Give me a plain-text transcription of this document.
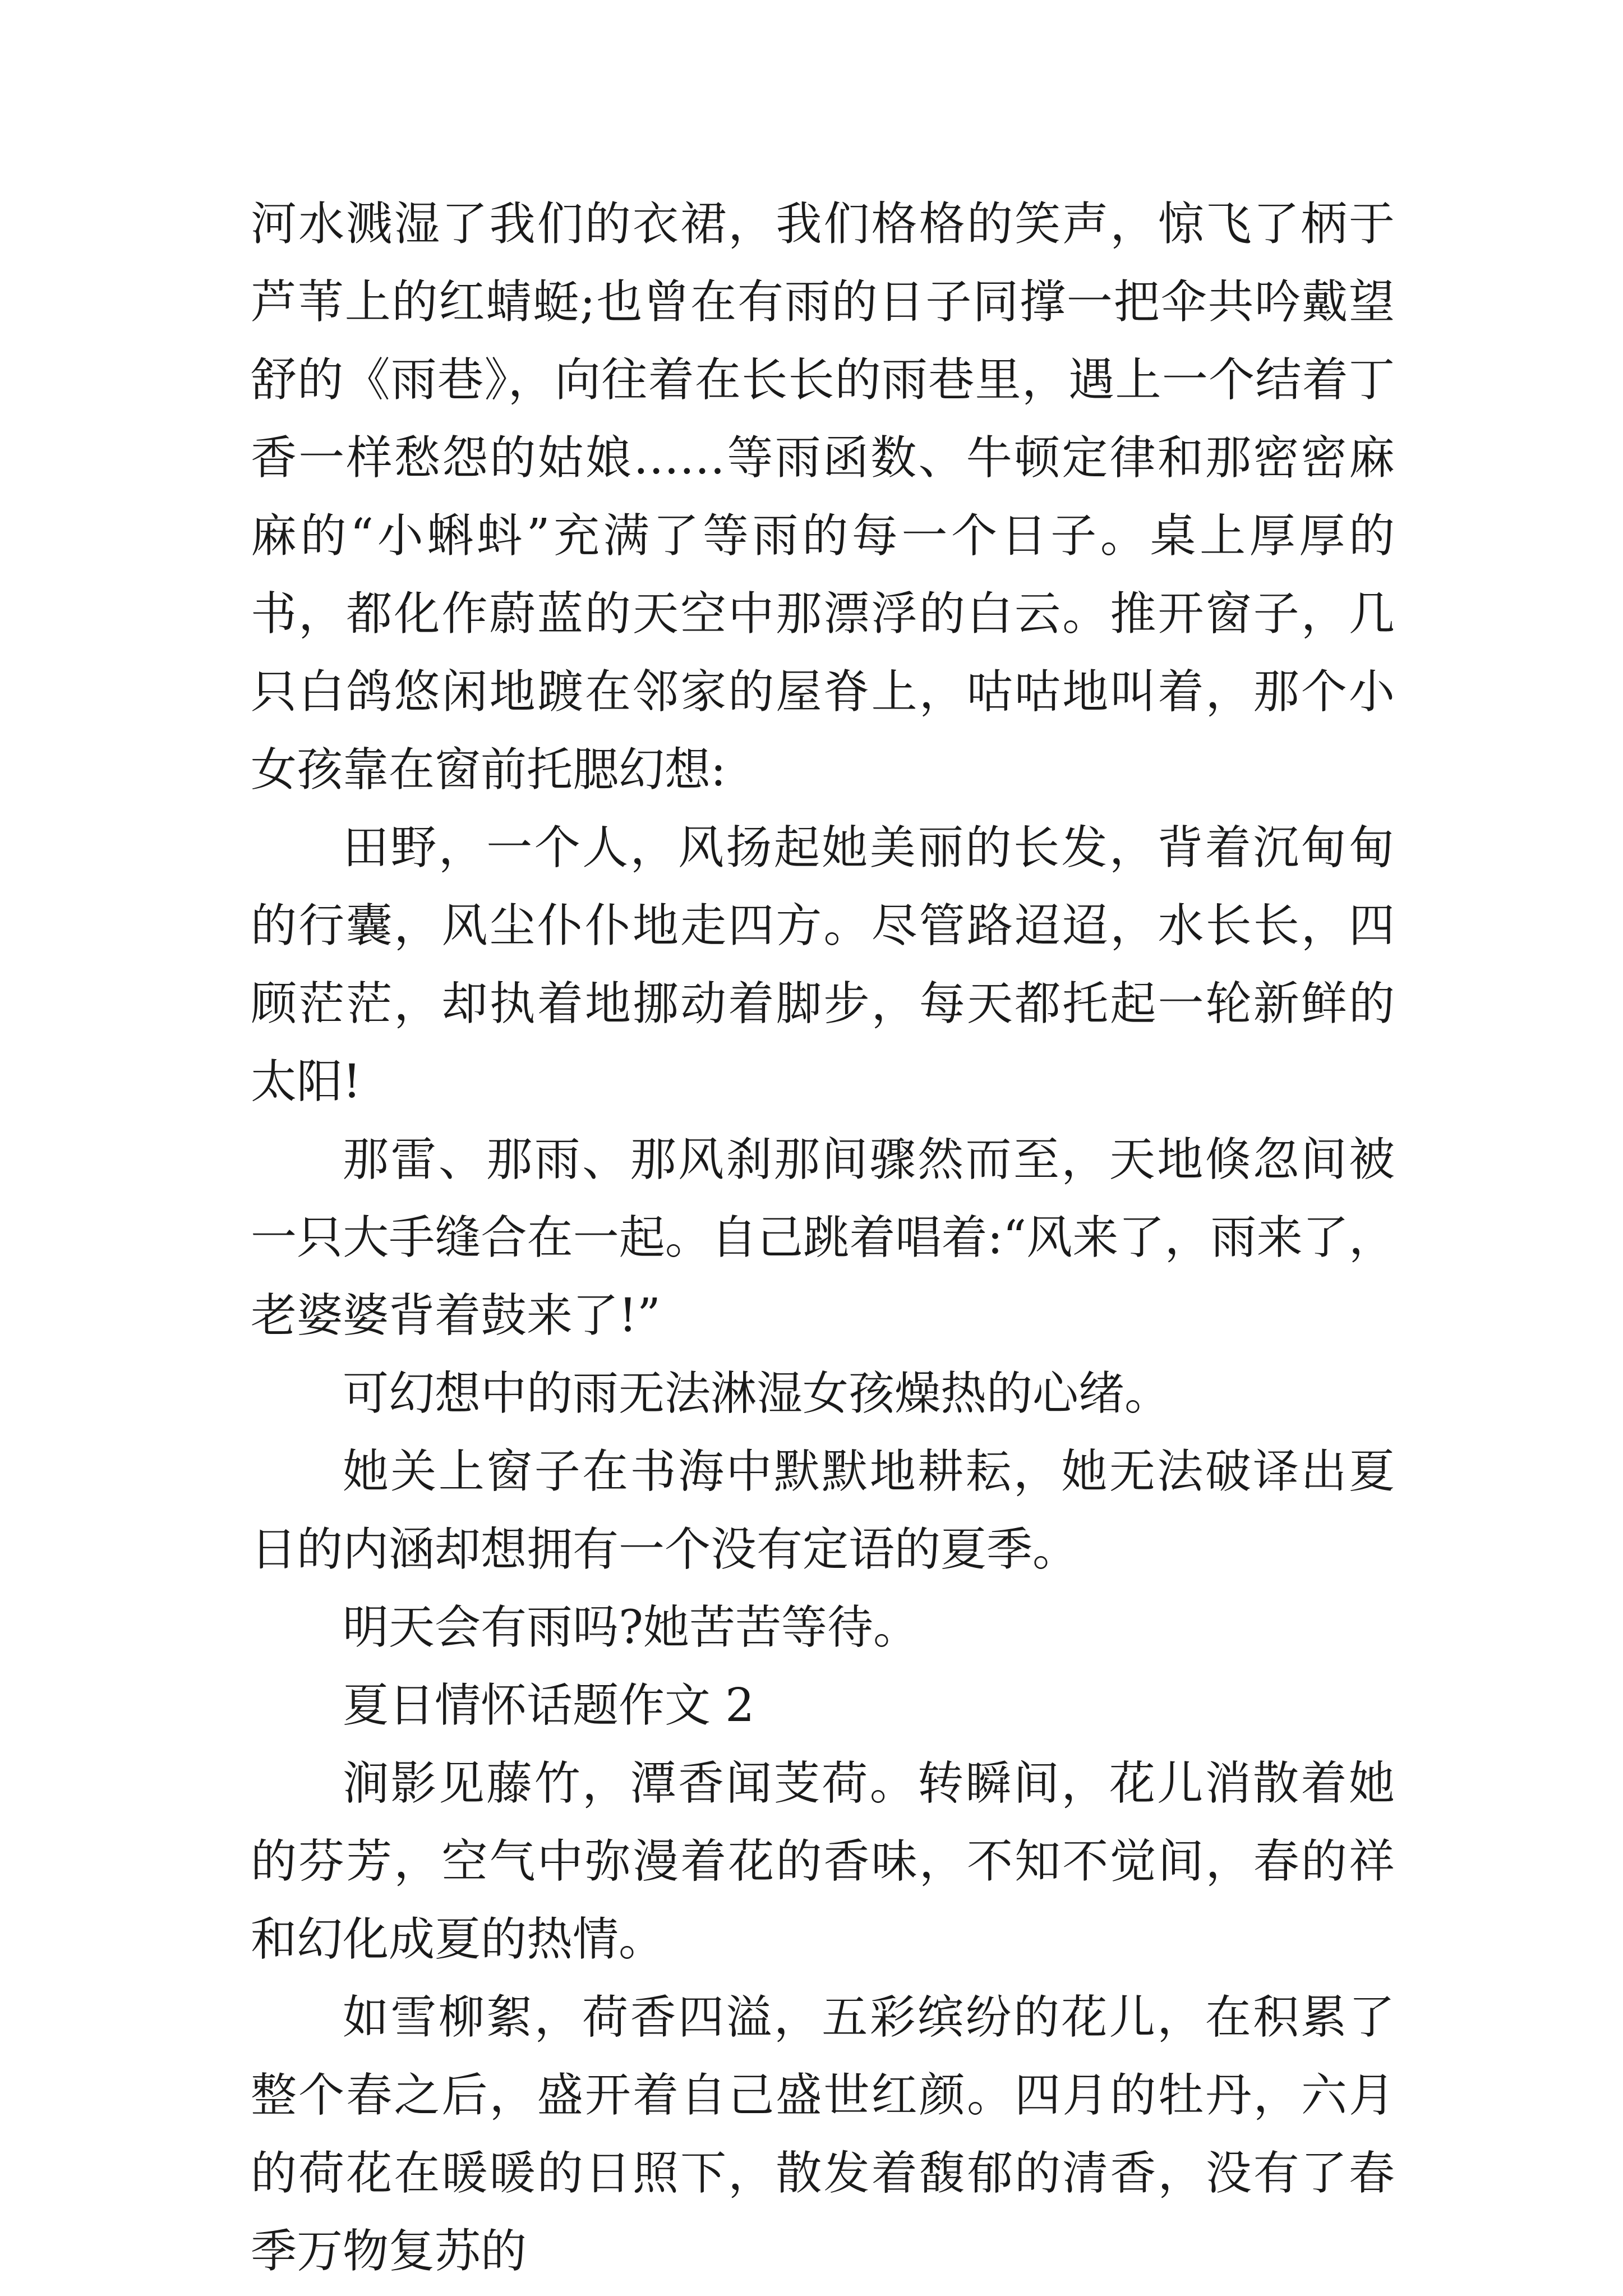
河水溅湿了我们的衣裙，我们格格的笑声，惊飞了柄于芦苇上的红蜻蜓;也曾在有雨的日子同撑一把伞共吟戴望舒的《雨巷》，向往着在长长的雨巷里，遇上一个结着丁香一样愁怨的姑娘……等雨函数、牛顿定律和那密密麻麻的“小蝌蚪”充满了等雨的每一个日子。桌上厚厚的书，都化作蔚蓝的天空中那漂浮的白云。推开窗子，几只白鸽悠闲地踱在邻家的屋脊上，咕咕地叫着，那个小女孩靠在窗前托腮幻想:

田野，一个人，风扬起她美丽的长发，背着沉甸甸的行囊，风尘仆仆地走四方。尽管路迢迢，水长长，四顾茫茫，却执着地挪动着脚步，每天都托起一轮新鲜的太阳!

那雷、那雨、那风刹那间骤然而至，天地倏忽间被一只大手缝合在一起。自己跳着唱着:“风来了，雨来了，老婆婆背着鼓来了!”

可幻想中的雨无法淋湿女孩燥热的心绪。

她关上窗子在书海中默默地耕耘，她无法破译出夏日的内涵却想拥有一个没有定语的夏季。

明天会有雨吗?她苦苦等待。

夏日情怀话题作文 2

涧影见藤竹，潭香闻芰荷。转瞬间，花儿消散着她的芬芳，空气中弥漫着花的香味，不知不觉间，春的祥和幻化成夏的热情。

如雪柳絮，荷香四溢，五彩缤纷的花儿，在积累了整个春之后，盛开着自己盛世红颜。四月的牡丹，六月的荷花在暖暖的日照下，散发着馥郁的清香，没有了春季万物复苏的
